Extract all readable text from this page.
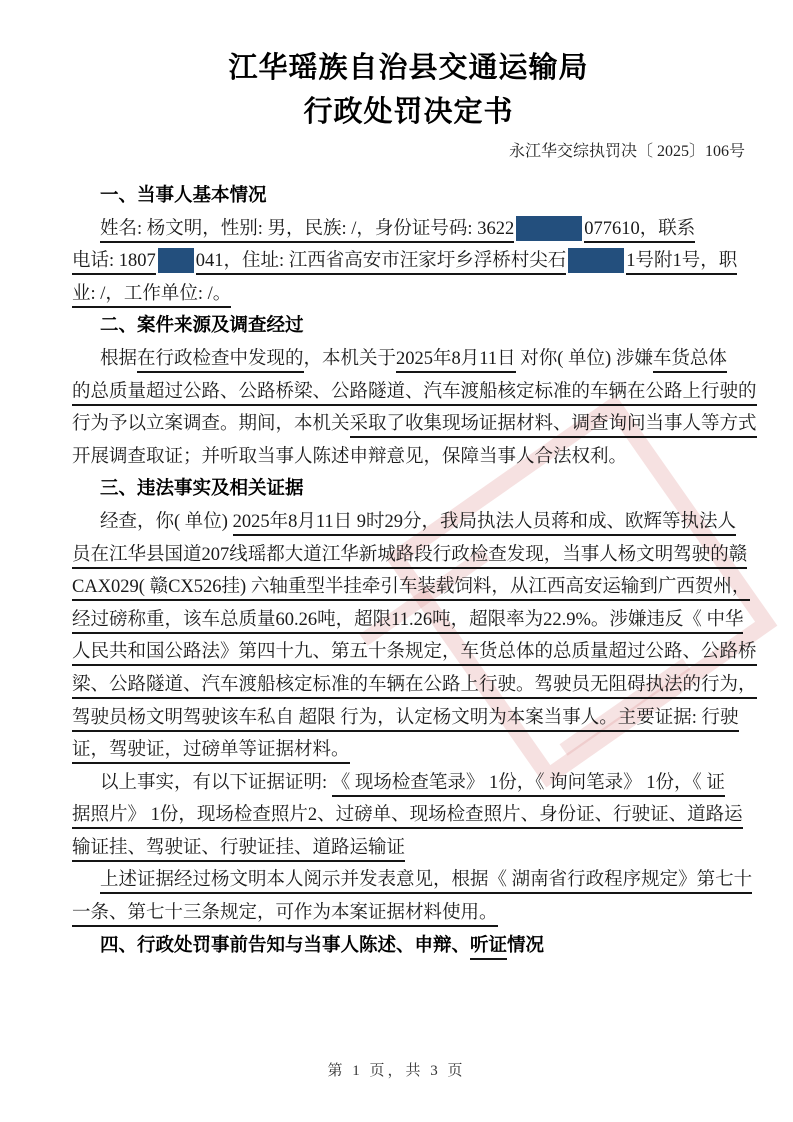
江华瑶族自治县交通运输局
行政处罚决定书
永江华交综执罚决〔 2025〕106号
一、当事人基本情况
姓名: 杨文明，性别: 男，民族: /，身份证号码: 3622	077610，联系
电话: 1807 041，住址: 江西省高安市汪家圩乡浮桥村尖石	1号附1号，职
业: /，工作单位: /。
二、案件来源及调查经过
根据在行政检查中发现的，本机关于2025年8月11日 对你( 单位) 涉嫌车货总体
的总质量超过公路、公路桥梁、公路隧道、汽车渡船核定标准的车辆在公路上行驶的
行为予以立案调查。期间，本机关采取了收集现场证据材料、调查询问当事人等方式
开展调查取证；并听取当事人陈述申辩意见，保障当事人合法权利。
三、违法事实及相关证据
经查，你( 单位) 2025年8月11日 9时29分，我局执法人员蒋和成、欧辉等执法人
员在江华县国道207线瑶都大道江华新城路段行政检查发现，当事人杨文明驾驶的赣
CAX029( 赣CX526挂) 六轴重型半挂牵引车装载饲料，从江西高安运输到广西贺州，
经过磅称重，该车总质量60.26吨，超限11.26吨，超限率为22.9%。涉嫌违反《 中华
人民共和国公路法》第四十九、第五十条规定，车货总体的总质量超过公路、公路桥
梁、公路隧道、汽车渡船核定标准的车辆在公路上行驶。驾驶员无阻碍执法的行为，
驾驶员杨文明驾驶该车私自 超限 行为，认定杨文明为本案当事人。主要证据: 行驶
证，驾驶证，过磅单等证据材料。
以上事实，有以下证据证明: 《 现场检查笔录》 1份，《 询问笔录》 1份，《 证
据照片》 1份，现场检查照片2、过磅单、现场检查照片、身份证、行驶证、道路运
输证挂、驾驶证、行驶证挂、道路运输证
上述证据经过杨文明本人阅示并发表意见，根据《 湖南省行政程序规定》第七十
一条、第七十三条规定，可作为本案证据材料使用。
四、行政处罚事前告知与当事人陈述、申辩、听证情况
第 1 页，共 3 页
